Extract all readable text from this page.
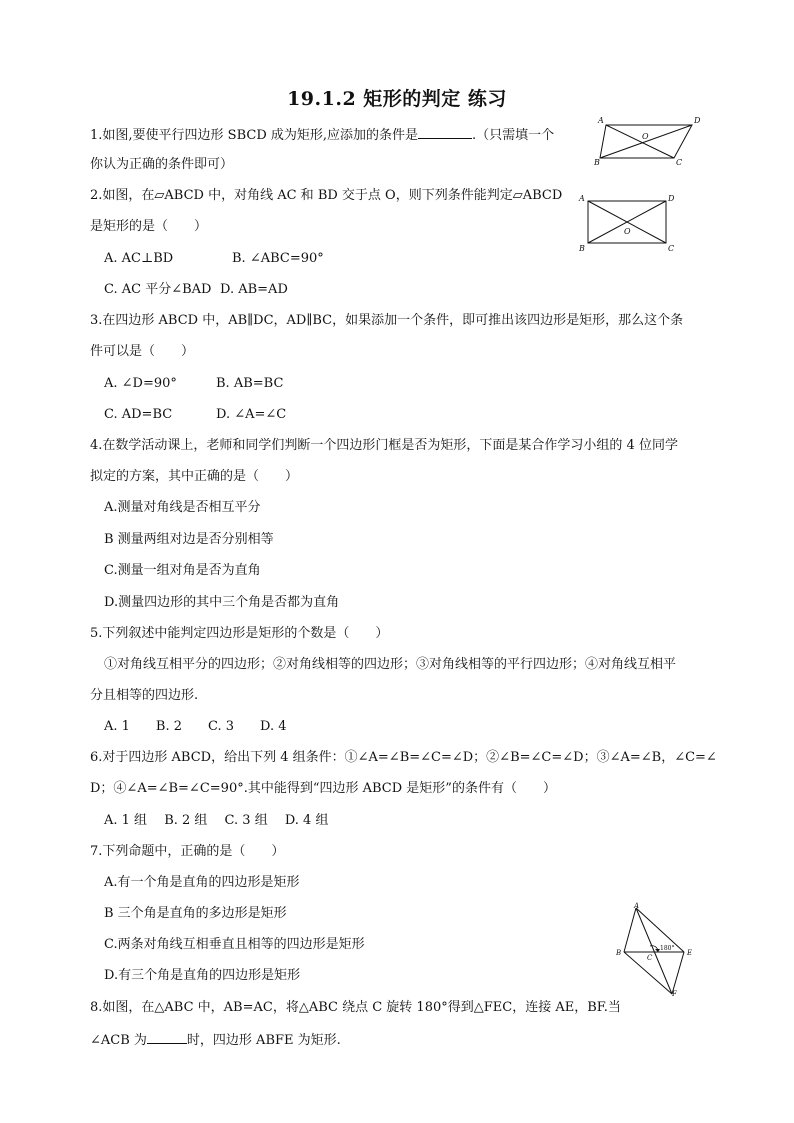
19.1.2 矩形的判定 练习
1.如图,要使平行四边形 SBCD 成为矩形,应添加的条件是	.（只需填一个
你认为正确的条件即可）
A	D
O
B	C
2.如图，在▱ABCD 中，对角线 AC 和 BD 交于点 O，则下列条件能判定▱ABCD
是矩形的是（　　）
A. AC⊥BD	B. ∠ABC=90°
C. AC 平分∠BAD D. AB=AD
A	D
O
B	C
3.在四边形 ABCD 中，AB∥DC，AD∥BC，如果添加一个条件，即可推出该四边形是矩形，那么这个条
件可以是（　　）
A. ∠D=90°	B. AB=BC
C. AD=BC	D. ∠A=∠C
4.在数学活动课上，老师和同学们判断一个四边形门框是否为矩形，下面是某合作学习小组的 4 位同学
拟定的方案，其中正确的是（　　）
A.测量对角线是否相互平分
B 测量两组对边是否分别相等
C.测量一组对角是否为直角
D.测量四边形的其中三个角是否都为直角
5.下列叙述中能判定四边形是矩形的个数是（　　）
①对角线互相平分的四边形；②对角线相等的四边形；③对角线相等的平行四边形；④对角线互相平
分且相等的四边形.
A. 1　　B. 2　　C. 3　　D. 4
6.对于四边形 ABCD，给出下列 4 组条件：①∠A=∠B=∠C=∠D；②∠B=∠C=∠D；③∠A=∠B，∠C=∠
D；④∠A=∠B=∠C=90°.其中能得到“四边形 ABCD 是矩形”的条件有（　　）
A. 1 组　 B. 2 组　 C. 3 组　 D. 4 组
7.下列命题中，正确的是（　　）
A.有一个角是直角的四边形是矩形
B 三个角是直角的多边形是矩形
C.两条对角线互相垂直且相等的四边形是矩形
D.有三个角是直角的四边形是矩形
A
B
C
E
F
180°
8.如图，在△ABC 中，AB=AC，将△ABC 绕点 C 旋转 180°得到△FEC，连接 AE，BF.当
∠ACB 为	时，四边形 ABFE 为矩形.
